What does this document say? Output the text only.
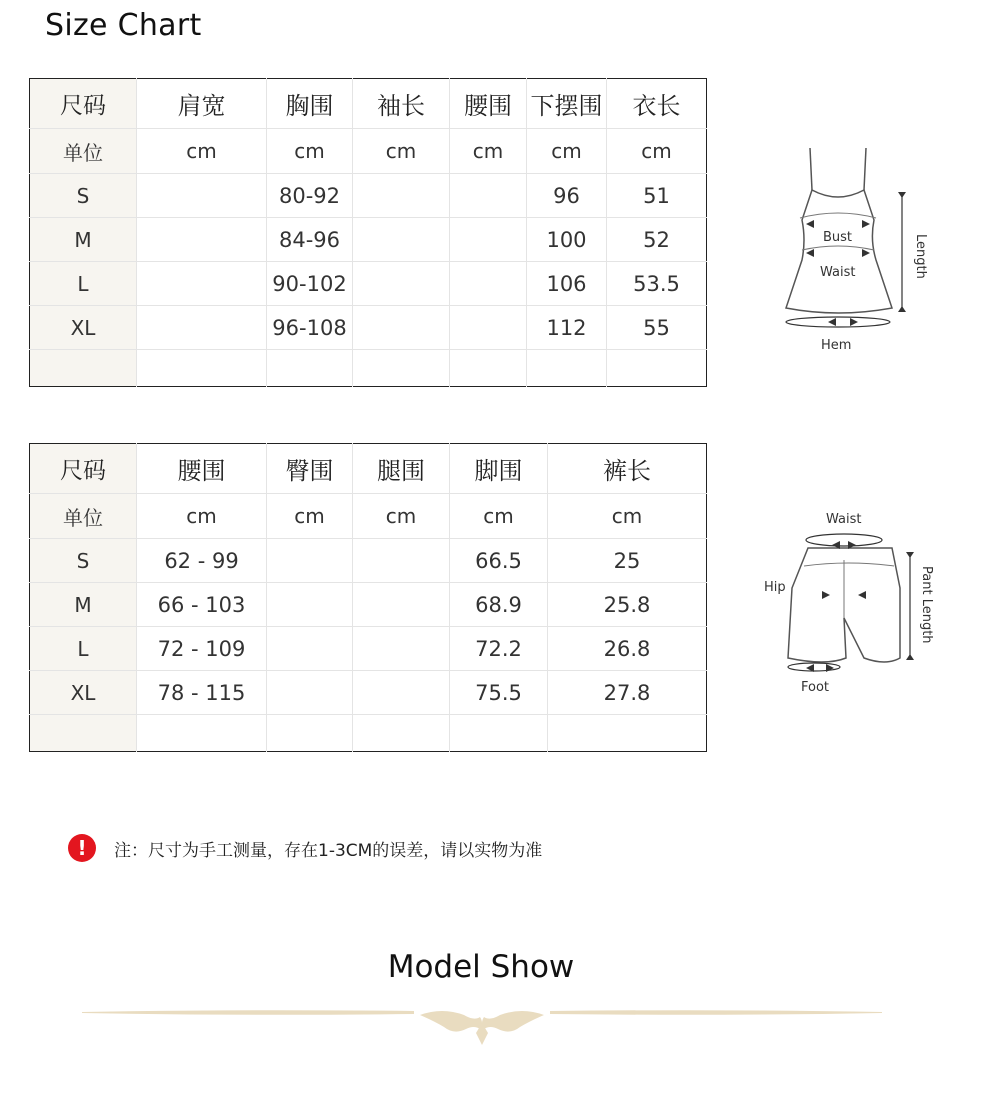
Size Chart
尺码	肩宽	胸围	袖长	腰围	下摆围	衣长
单位	cm	cm	cm	cm	cm	cm
S		80-92			96	51
M		84-96			100	52
L		90-102			106	53.5
XL		96-108			112	55

Bust
Waist
Hem
Length
尺码	腰围	臀围	腿围	脚围	裤长
单位	cm	cm	cm	cm	cm
S	62 - 99			66.5	25
M	66 - 103			68.9	25.8
L	72 - 109			72.2	26.8
XL	78 - 115			75.5	27.8

Waist
Hip
Foot
Pant Length
!	注：尺寸为手工测量，存在1-3CM的误差，请以实物为准
Model Show
